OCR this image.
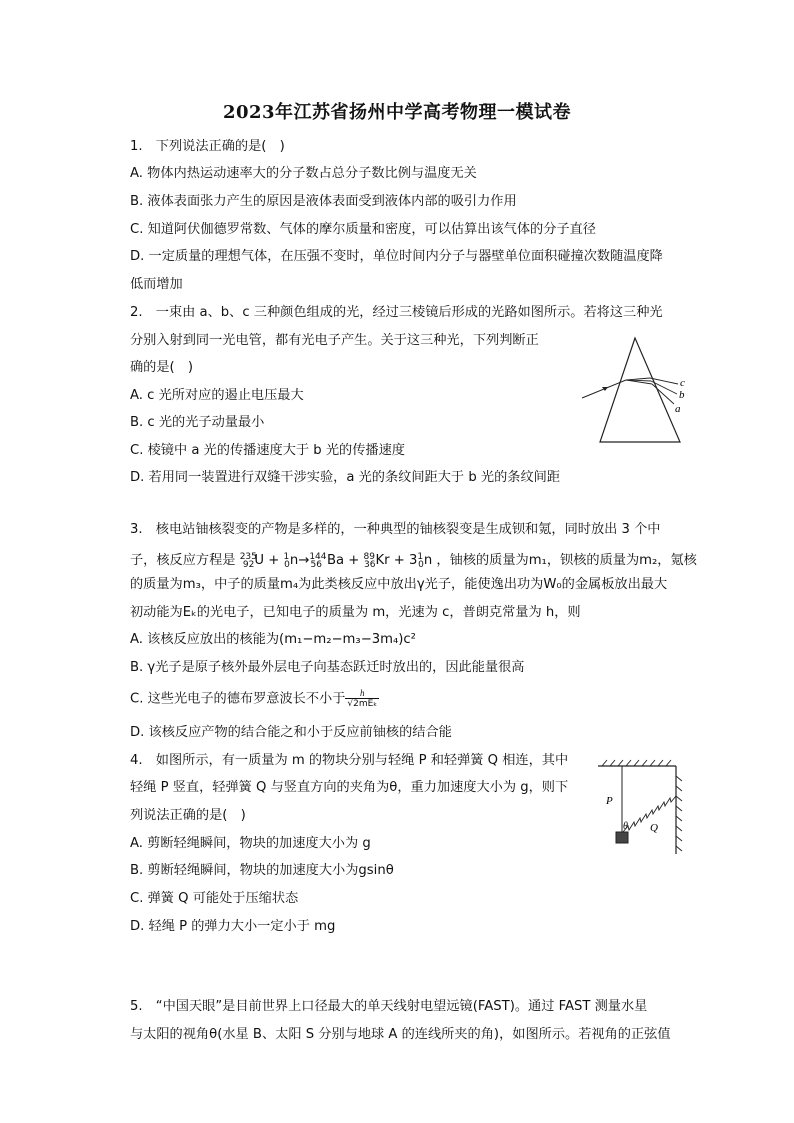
2023年江苏省扬州中学高考物理一模试卷
1.　下列说法正确的是(　)
A. 物体内热运动速率大的分子数占总分子数比例与温度无关
B. 液体表面张力产生的原因是液体表面受到液体内部的吸引力作用
C. 知道阿伏伽德罗常数、气体的摩尔质量和密度，可以估算出该气体的分子直径
D. 一定质量的理想气体，在压强不变时，单位时间内分子与器壁单位面积碰撞次数随温度降
低而增加
2.　一束由 a、b、c 三种颜色组成的光，经过三棱镜后形成的光路如图所示。若将这三种光
分别入射到同一光电管，都有光电子产生。关于这三种光，下列判断正
确的是(　)
A. c 光所对应的遏止电压最大
B. c 光的光子动量最小
C. 棱镜中 a 光的传播速度大于 b 光的传播速度
D. 若用同一装置进行双缝干涉实验，a 光的条纹间距大于 b 光的条纹间距
c
b
a
3.　核电站铀核裂变的产物是多样的，一种典型的铀核裂变是生成钡和氪，同时放出 3 个中
子，核反应方程是 $^{235}_{92}$U + $^1_0$n→$^{144}_{56}$ $Ba + ^{89}_{36}Kr + 3^1_0n$ ，铀核的质量为m₁，钡核的质量为m₂，氪核
的质量为m₃，中子的质量m₄为此类核反应中放出γ光子，能使逸出功为W₀的金属板放出最大
初动能为Eₖ的光电子，已知电子的质量为 m，光速为 c，普朗克常量为 h，则
A. 该核反应放出的核能为(m₁−m₂−m₃−3m₄)c²
B. γ光子是原子核外最外层电子向基态跃迁时放出的，因此能量很高
C. 这些光电子的德布罗意波长不小于 $\frac{h}{\text{√2mEₖ}}$
D. 该核反应产物的结合能之和小于反应前铀核的结合能
4.　如图所示，有一质量为 m 的物块分别与轻绳 P 和轻弹簧 Q 相连，其中
轻绳 P 竖直，轻弹簧 Q 与竖直方向的夹角为θ，重力加速度大小为 g，则下
列说法正确的是(　)
A. 剪断轻绳瞬间，物块的加速度大小为 g
B. 剪断轻绳瞬间，物块的加速度大小为gsinθ
C. 弹簧 Q 可能处于压缩状态
D. 轻绳 P 的弹力大小一定小于 mg
P
θ Q
5.　“中国天眼”是目前世界上口径最大的单天线射电望远镜(FAST)。通过 FAST 测量水星
与太阳的视角θ(水星 B、太阳 S 分别与地球 A 的连线所夹的角)，如图所示。若视角的正弦值
